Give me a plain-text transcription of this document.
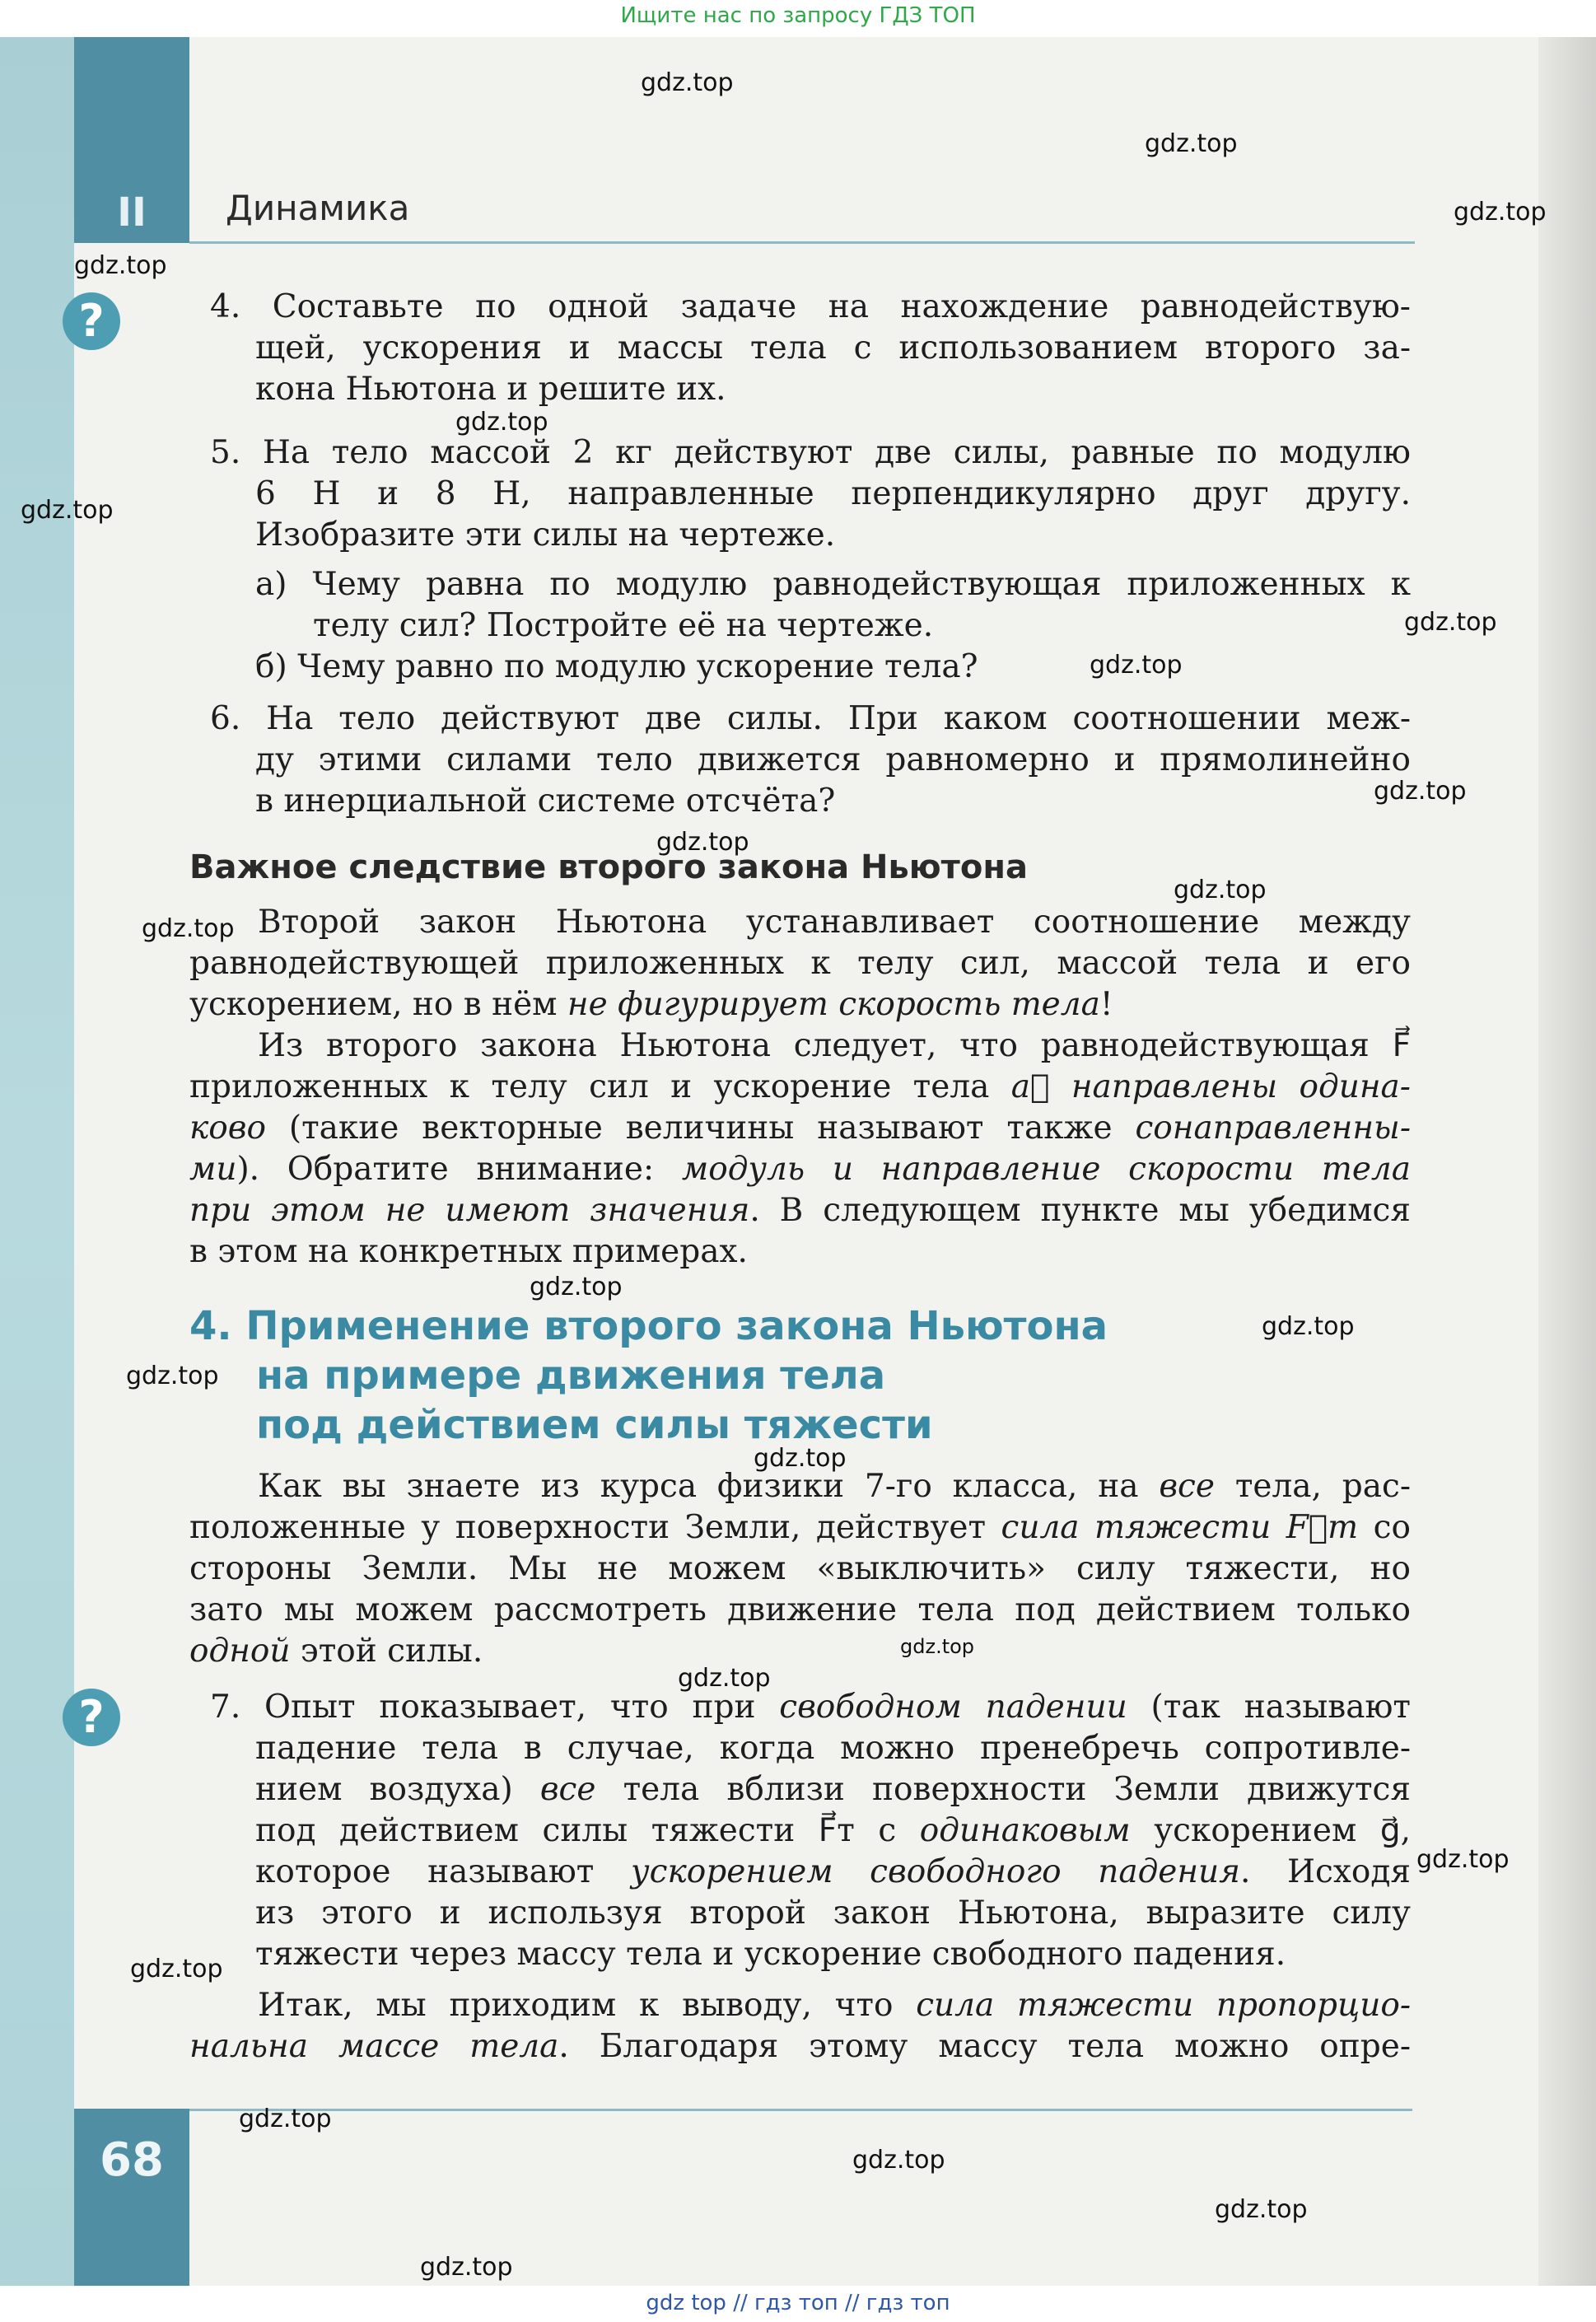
Ищите нас по запросу ГДЗ ТОП
II	Динамика
?
?
4. Составьте по одной задаче на нахождение равнодействую-
щей, ускорения и массы тела с использованием второго за-
кона Ньютона и решите их.
5. На тело массой 2 кг действуют две силы, равные по модулю
6 Н и 8 Н, направленные перпендикулярно друг другу.
Изобразите эти силы на чертеже.
а) Чему равна по модулю равнодействующая приложенных к
телу сил? Постройте её на чертеже.
б) Чему равно по модулю ускорение тела?
6. На тело действуют две силы. При каком соотношении меж-
ду этими силами тело движется равномерно и прямолинейно
в инерциальной системе отсчёта?
Важное следствие второго закона Ньютона
Второй закон Ньютона устанавливает соотношение между
равнодействующей приложенных к телу сил, массой тела и его
ускорением, но в нём не фигурирует скорость тела!
Из второго закона Ньютона следует, что равнодействующая F⃗
приложенных к телу сил и ускорение тела a⃗ направлены одина-
ково (такие векторные величины называют также сонаправленны-
ми). Обратите внимание: модуль и направление скорости тела
при этом не имеют значения. В следующем пункте мы убедимся
в этом на конкретных примерах.
4. Применение второго закона Ньютона
на примере движения тела
под действием силы тяжести
Как вы знаете из курса физики 7-го класса, на все тела, рас-
положенные у поверхности Земли, действует сила тяжести F⃗т со
стороны Земли. Мы не можем «выключить» силу тяжести, но
зато мы можем рассмотреть движение тела под действием только
одной этой силы.
7. Опыт показывает, что при свободном падении (так называют
падение тела в случае, когда можно пренебречь сопротивле-
нием воздуха) все тела вблизи поверхности Земли движутся
под действием силы тяжести F⃗т с одинаковым ускорением g⃗,
которое называют ускорением свободного падения. Исходя
из этого и используя второй закон Ньютона, выразите силу
тяжести через массу тела и ускорение свободного падения.
Итак, мы приходим к выводу, что сила тяжести пропорцио-
нальна массе тела. Благодаря этому массу тела можно опре-
68
gdz.top
gdz.top
gdz.top
gdz.top
gdz.top
gdz.top
gdz.top
gdz.top
gdz.top
gdz.top
gdz.top
gdz.top
gdz.top
gdz.top
gdz.top
gdz.top
gdz.top
gdz.top
gdz.top
gdz.top
gdz.top
gdz.top
gdz.top
gdz.top
gdz top // гдз топ // гдз топ
